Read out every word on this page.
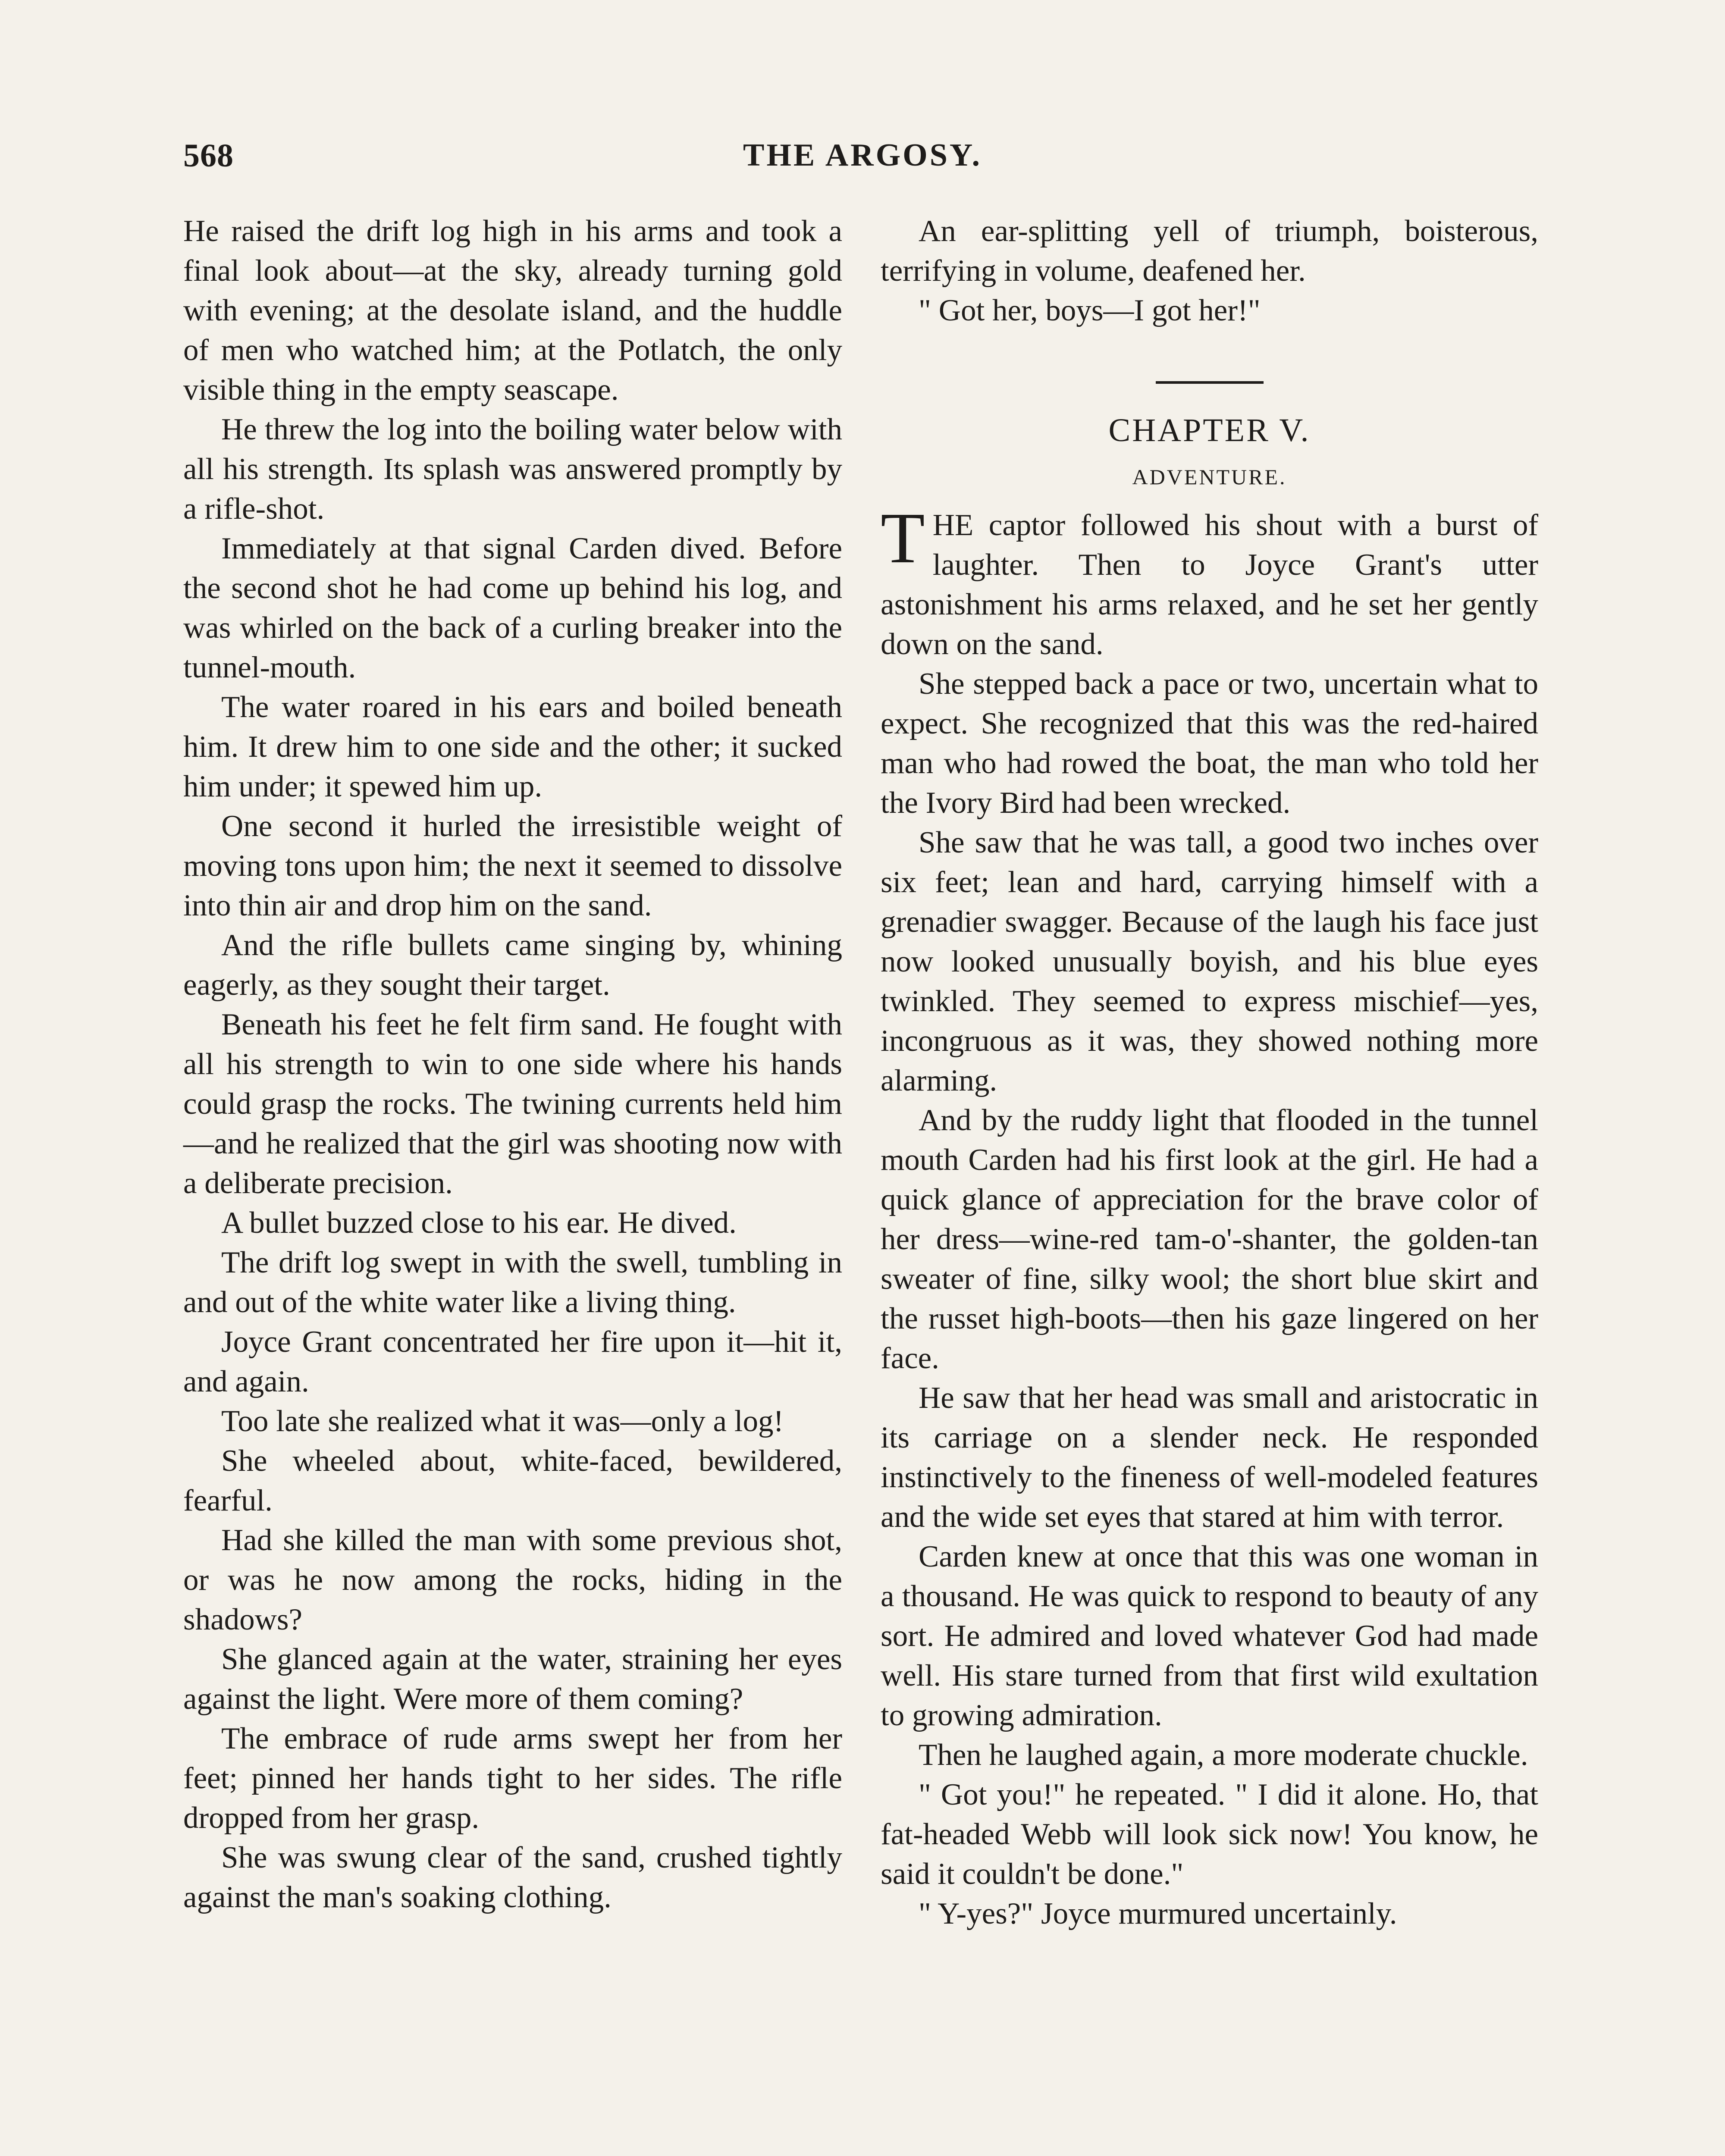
568	THE ARGOSY.

He raised the drift log high in his arms and took a final look about—at the sky, already turning gold with evening; at the desolate island, and the huddle of men who watched him; at the Potlatch, the only visible thing in the empty seascape.

He threw the log into the boiling water below with all his strength. Its splash was answered promptly by a rifle-shot.

Immediately at that signal Carden dived. Before the second shot he had come up behind his log, and was whirled on the back of a curling breaker into the tunnel-mouth.

The water roared in his ears and boiled beneath him. It drew him to one side and the other; it sucked him under; it spewed him up.

One second it hurled the irresistible weight of moving tons upon him; the next it seemed to dissolve into thin air and drop him on the sand.

And the rifle bullets came singing by, whining eagerly, as they sought their target.

Beneath his feet he felt firm sand. He fought with all his strength to win to one side where his hands could grasp the rocks. The twining currents held him—and he realized that the girl was shooting now with a deliberate precision.

A bullet buzzed close to his ear. He dived.

The drift log swept in with the swell, tumbling in and out of the white water like a living thing.

Joyce Grant concentrated her fire upon it—hit it, and again.

Too late she realized what it was—only a log!

She wheeled about, white-faced, bewildered, fearful.

Had she killed the man with some previous shot, or was he now among the rocks, hiding in the shadows?

She glanced again at the water, straining her eyes against the light. Were more of them coming?

The embrace of rude arms swept her from her feet; pinned her hands tight to her sides. The rifle dropped from her grasp.

She was swung clear of the sand, crushed tightly against the man's soaking clothing.

An ear-splitting yell of triumph, boisterous, terrifying in volume, deafened her.

" Got her, boys—I got her!"

CHAPTER V.
ADVENTURE.

THE captor followed his shout with a burst of laughter. Then to Joyce Grant's utter astonishment his arms relaxed, and he set her gently down on the sand.

She stepped back a pace or two, uncertain what to expect. She recognized that this was the red-haired man who had rowed the boat, the man who told her the Ivory Bird had been wrecked.

She saw that he was tall, a good two inches over six feet; lean and hard, carrying himself with a grenadier swagger. Because of the laugh his face just now looked unusually boyish, and his blue eyes twinkled. They seemed to express mischief—yes, incongruous as it was, they showed nothing more alarming.

And by the ruddy light that flooded in the tunnel mouth Carden had his first look at the girl. He had a quick glance of appreciation for the brave color of her dress—wine-red tam-o'-shanter, the golden-tan sweater of fine, silky wool; the short blue skirt and the russet high-boots—then his gaze lingered on her face.

He saw that her head was small and aristocratic in its carriage on a slender neck. He responded instinctively to the fineness of well-modeled features and the wide set eyes that stared at him with terror.

Carden knew at once that this was one woman in a thousand. He was quick to respond to beauty of any sort. He admired and loved whatever God had made well. His stare turned from that first wild exultation to growing admiration.

Then he laughed again, a more moderate chuckle.

" Got you!" he repeated. " I did it alone. Ho, that fat-headed Webb will look sick now! You know, he said it couldn't be done."

" Y-yes?" Joyce murmured uncertainly.
